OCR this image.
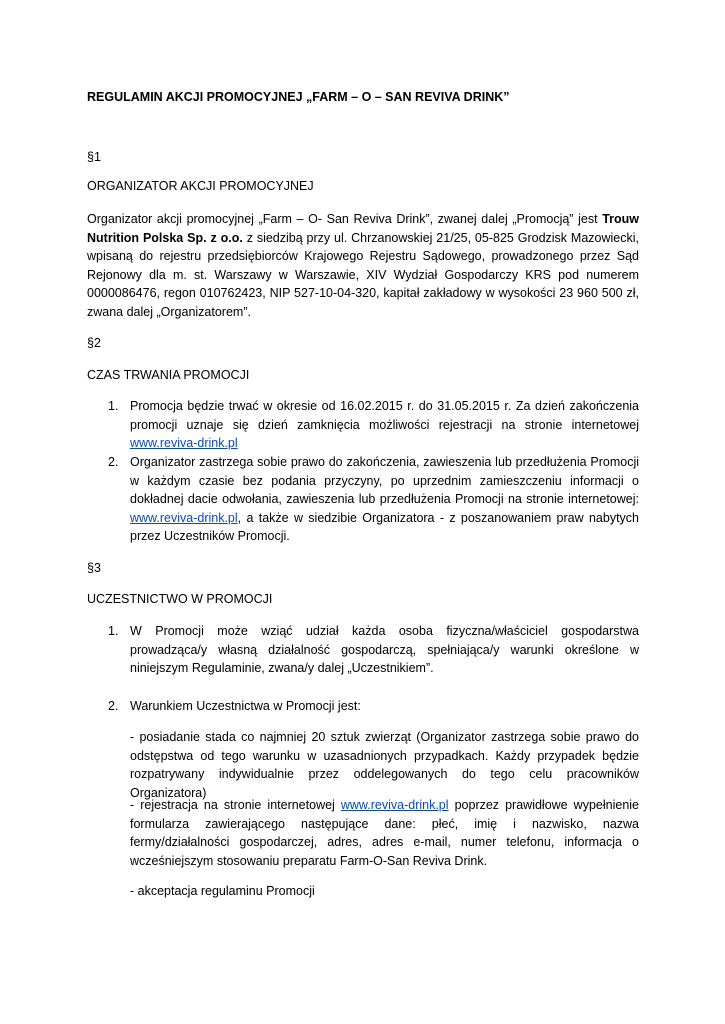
REGULAMIN AKCJI PROMOCYJNEJ „FARM – O – SAN REVIVA DRINK”
§1
ORGANIZATOR AKCJI PROMOCYJNEJ
Organizator akcji promocyjnej „Farm – O- San Reviva Drink”, zwanej dalej „Promocją” jest Trouw Nutrition Polska Sp. z o.o. z siedzibą przy ul. Chrzanowskiej 21/25, 05-825 Grodzisk Mazowiecki, wpisaną do rejestru przedsiębiorców Krajowego Rejestru Sądowego, prowadzonego przez Sąd Rejonowy dla m. st. Warszawy w Warszawie, XIV Wydział Gospodarczy KRS pod numerem 0000086476, regon 010762423, NIP 527-10-04-320, kapitał zakładowy w wysokości 23 960 500 zł, zwana dalej „Organizatorem”.
§2
CZAS TRWANIA PROMOCJI
1. Promocja będzie trwać w okresie od 16.02.2015 r. do 31.05.2015 r. Za dzień zakończenia promocji uznaje się dzień zamknięcia możliwości rejestracji na stronie internetowej www.reviva-drink.pl
2. Organizator zastrzega sobie prawo do zakończenia, zawieszenia lub przedłużenia Promocji w każdym czasie bez podania przyczyny, po uprzednim zamieszczeniu informacji o dokładnej dacie odwołania, zawieszenia lub przedłużenia Promocji na stronie internetowej: www.reviva-drink.pl, a także w siedzibie Organizatora - z poszanowaniem praw nabytych przez Uczestników Promocji.
§3
UCZESTNICTWO W PROMOCJI
1. W Promocji może wziąć udział każda osoba fizyczna/właściciel gospodarstwa prowadząca/y własną działalność gospodarczą, spełniająca/y warunki określone w niniejszym Regulaminie, zwana/y dalej „Uczestnikiem”.
2. Warunkiem Uczestnictwa w Promocji jest:
- posiadanie stada co najmniej 20 sztuk zwierząt (Organizator zastrzega sobie prawo do odstępstwa od tego warunku w uzasadnionych przypadkach. Każdy przypadek będzie rozpatrywany indywidualnie przez oddelegowanych do tego celu pracowników Organizatora)
- rejestracja na stronie internetowej www.reviva-drink.pl poprzez prawidłowe wypełnienie formularza zawierającego następujące dane: płeć, imię i nazwisko, nazwa fermy/działalności gospodarczej, adres, adres e-mail, numer telefonu, informacja o wcześniejszym stosowaniu preparatu Farm-O-San Reviva Drink.
- akceptacja regulaminu Promocji
